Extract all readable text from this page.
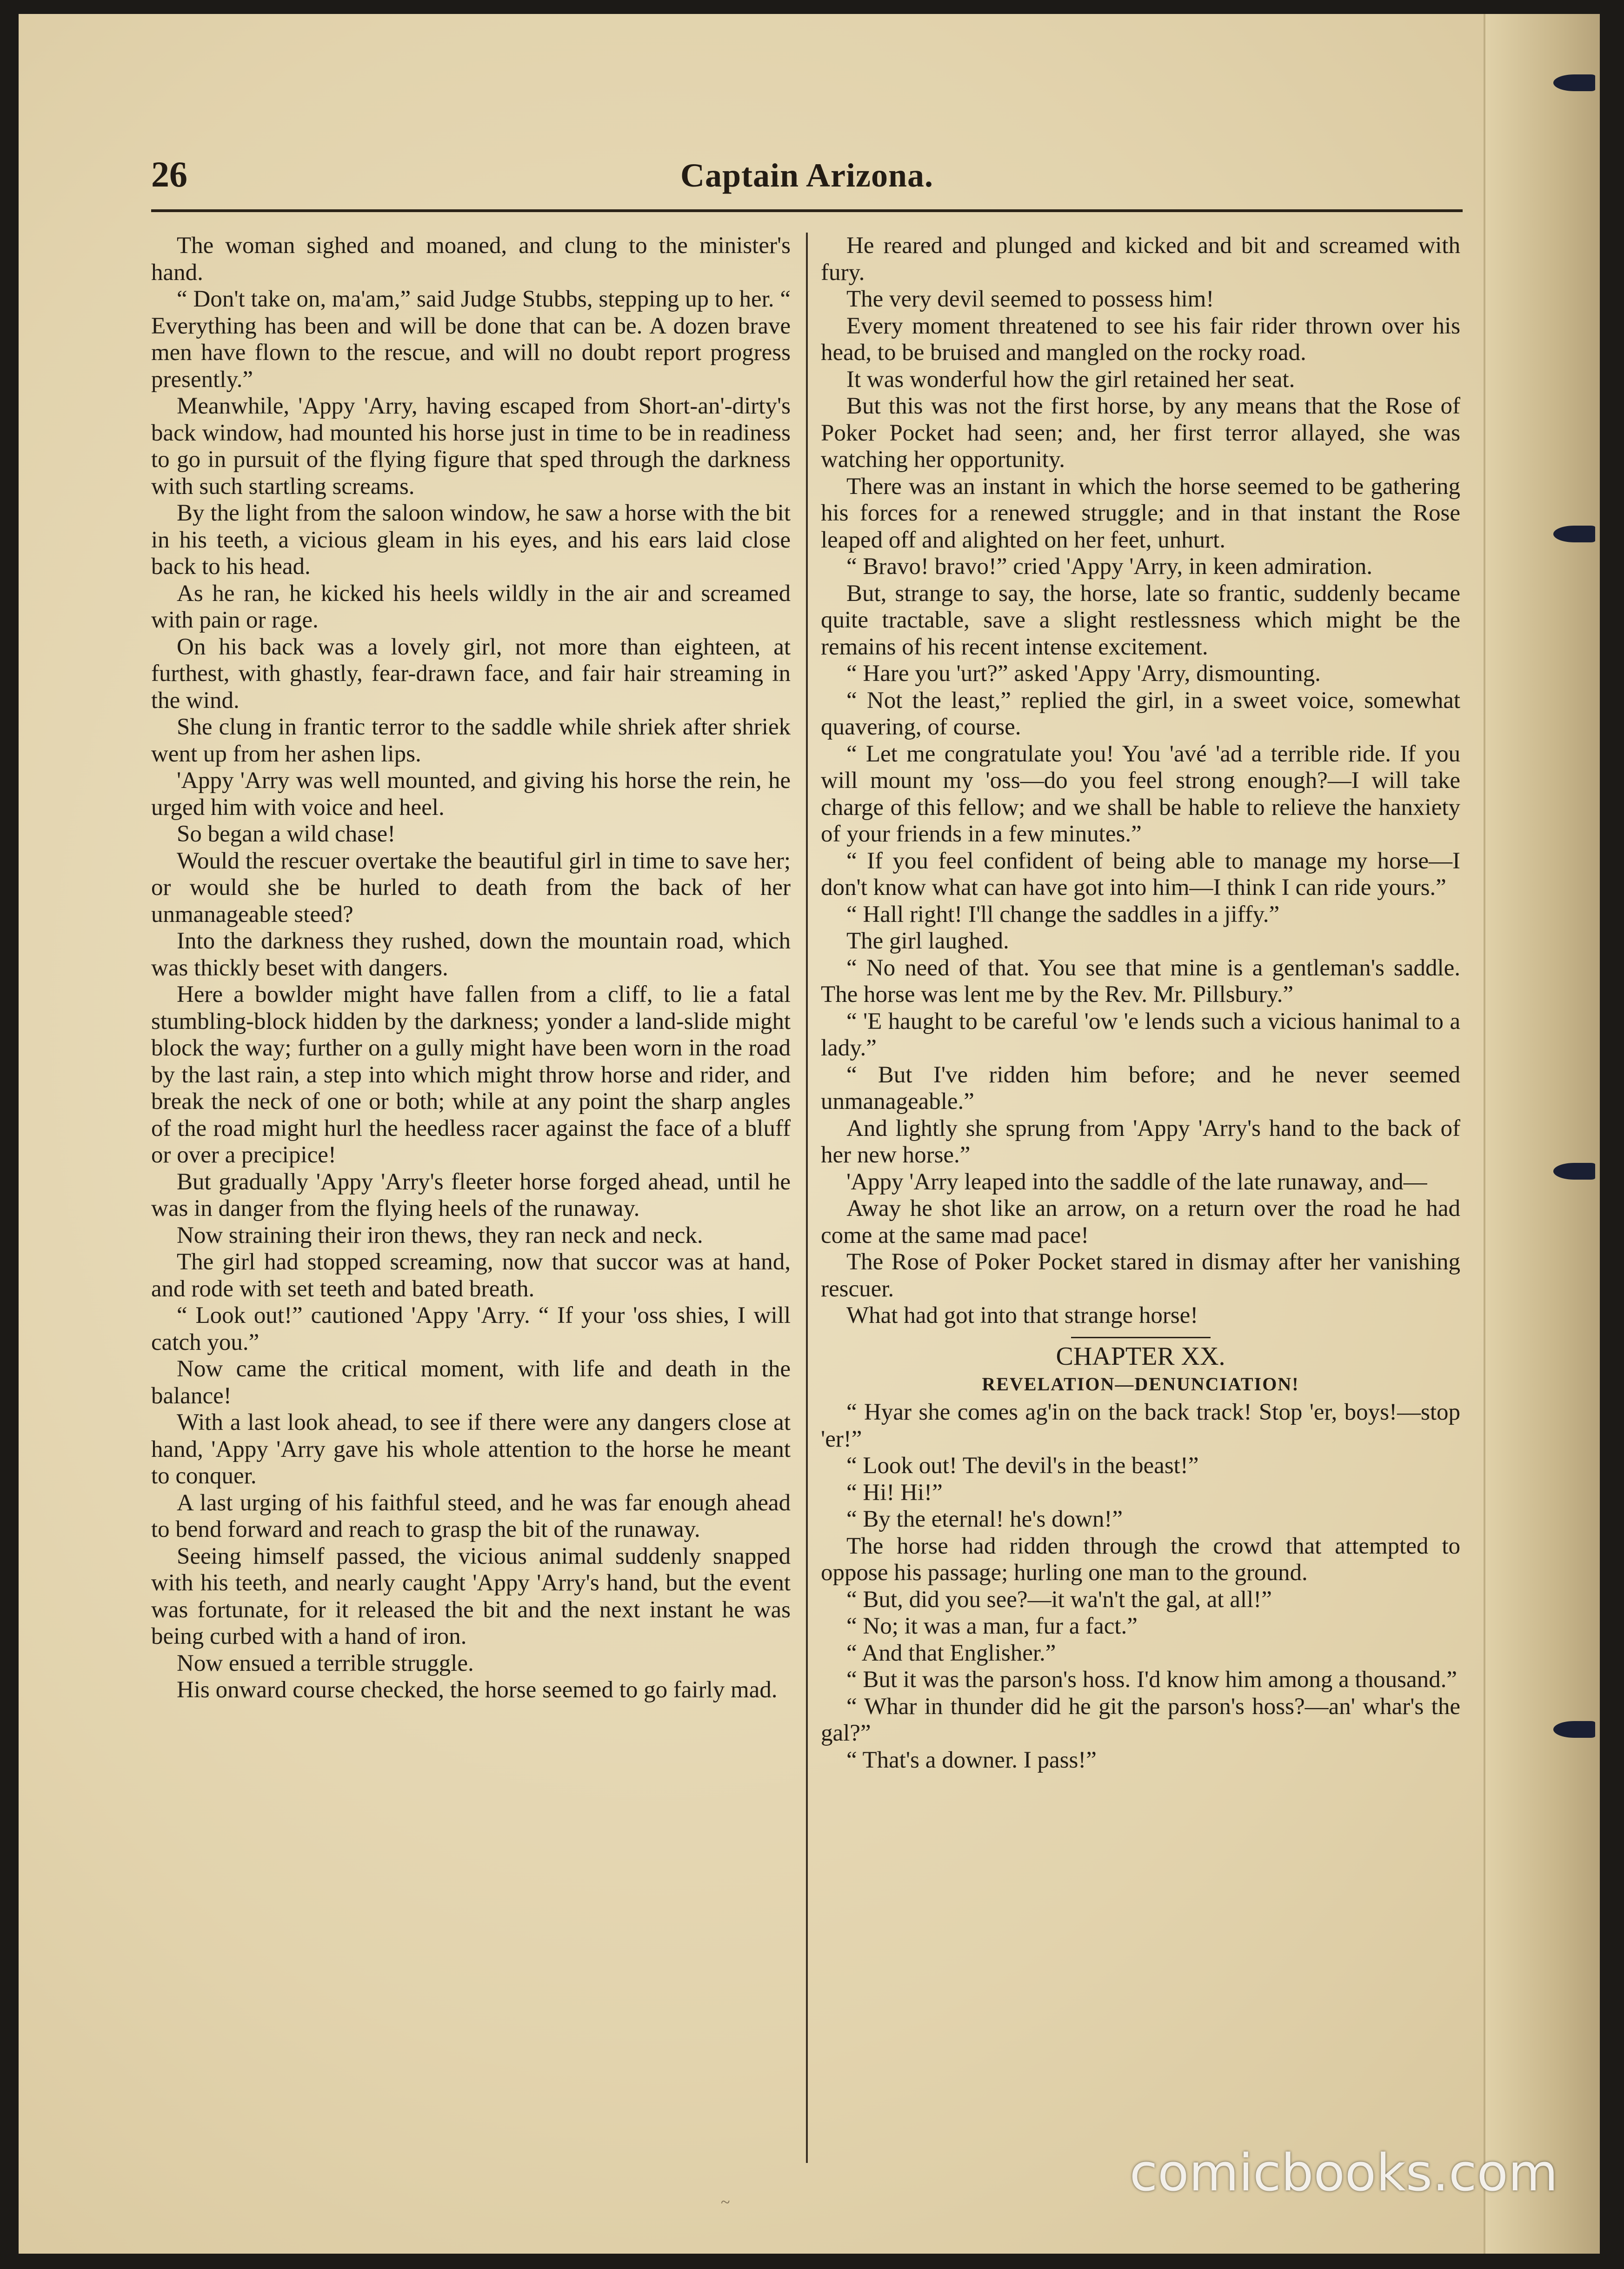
26	Captain Arizona.

The woman sighed and moaned, and clung to the minister's hand.

“ Don't take on, ma'am,” said Judge Stubbs, stepping up to her. “ Everything has been and will be done that can be. A dozen brave men have flown to the rescue, and will no doubt report progress presently.”

Meanwhile, 'Appy 'Arry, having escaped from Short-an'-dirty's back window, had mounted his horse just in time to be in readiness to go in pursuit of the flying figure that sped through the darkness with such startling screams.

By the light from the saloon window, he saw a horse with the bit in his teeth, a vicious gleam in his eyes, and his ears laid close back to his head.

As he ran, he kicked his heels wildly in the air and screamed with pain or rage.

On his back was a lovely girl, not more than eighteen, at furthest, with ghastly, fear-drawn face, and fair hair streaming in the wind.

She clung in frantic terror to the saddle while shriek after shriek went up from her ashen lips.

'Appy 'Arry was well mounted, and giving his horse the rein, he urged him with voice and heel.

So began a wild chase!

Would the rescuer overtake the beautiful girl in time to save her; or would she be hurled to death from the back of her unmanageable steed?

Into the darkness they rushed, down the mountain road, which was thickly beset with dangers.

Here a bowlder might have fallen from a cliff, to lie a fatal stumbling-block hidden by the darkness; yonder a land-slide might block the way; further on a gully might have been worn in the road by the last rain, a step into which might throw horse and rider, and break the neck of one or both; while at any point the sharp angles of the road might hurl the heedless racer against the face of a bluff or over a precipice!

But gradually 'Appy 'Arry's fleeter horse forged ahead, until he was in danger from the flying heels of the runaway.

Now straining their iron thews, they ran neck and neck.

The girl had stopped screaming, now that succor was at hand, and rode with set teeth and bated breath.

“ Look out!” cautioned 'Appy 'Arry. “ If your 'oss shies, I will catch you.”

Now came the critical moment, with life and death in the balance!

With a last look ahead, to see if there were any dangers close at hand, 'Appy 'Arry gave his whole attention to the horse he meant to conquer.

A last urging of his faithful steed, and he was far enough ahead to bend forward and reach to grasp the bit of the runaway.

Seeing himself passed, the vicious animal suddenly snapped with his teeth, and nearly caught 'Appy 'Arry's hand, but the event was fortunate, for it released the bit and the next instant he was being curbed with a hand of iron.

Now ensued a terrible struggle.

His onward course checked, the horse seemed to go fairly mad.

He reared and plunged and kicked and bit and screamed with fury.

The very devil seemed to possess him!

Every moment threatened to see his fair rider thrown over his head, to be bruised and mangled on the rocky road.

It was wonderful how the girl retained her seat.

But this was not the first horse, by any means that the Rose of Poker Pocket had seen; and, her first terror allayed, she was watching her opportunity.

There was an instant in which the horse seemed to be gathering his forces for a renewed struggle; and in that instant the Rose leaped off and alighted on her feet, unhurt.

“ Bravo! bravo!” cried 'Appy 'Arry, in keen admiration.

But, strange to say, the horse, late so frantic, suddenly became quite tractable, save a slight restlessness which might be the remains of his recent intense excitement.

“ Hare you 'urt?” asked 'Appy 'Arry, dismounting.

“ Not the least,” replied the girl, in a sweet voice, somewhat quavering, of course.

“ Let me congratulate you! You 'avé 'ad a terrible ride. If you will mount my 'oss—do you feel strong enough?—I will take charge of this fellow; and we shall be hable to relieve the hanxiety of your friends in a few minutes.”

“ If you feel confident of being able to manage my horse—I don't know what can have got into him—I think I can ride yours.”

“ Hall right! I'll change the saddles in a jiffy.”

The girl laughed.

“ No need of that. You see that mine is a gentleman's saddle. The horse was lent me by the Rev. Mr. Pillsbury.”

“ 'E haught to be careful 'ow 'e lends such a vicious hanimal to a lady.”

“ But I've ridden him before; and he never seemed unmanageable.”

And lightly she sprung from 'Appy 'Arry's hand to the back of her new horse.”

'Appy 'Arry leaped into the saddle of the late runaway, and—

Away he shot like an arrow, on a return over the road he had come at the same mad pace!

The Rose of Poker Pocket stared in dismay after her vanishing rescuer.

What had got into that strange horse!

CHAPTER XX.

REVELATION—DENUNCIATION!

“ Hyar she comes ag'in on the back track! Stop 'er, boys!—stop 'er!”

“ Look out! The devil's in the beast!”

“ Hi! Hi!”

“ By the eternal! he's down!”

The horse had ridden through the crowd that attempted to oppose his passage; hurling one man to the ground.

“ But, did you see?—it wa'n't the gal, at all!”

“ No; it was a man, fur a fact.”

“ And that Englisher.”

“ But it was the parson's hoss. I'd know him among a thousand.”

“ Whar in thunder did he git the parson's hoss?—an' whar's the gal?”

“ That's a downer. I pass!”

~	comicbooks.com
